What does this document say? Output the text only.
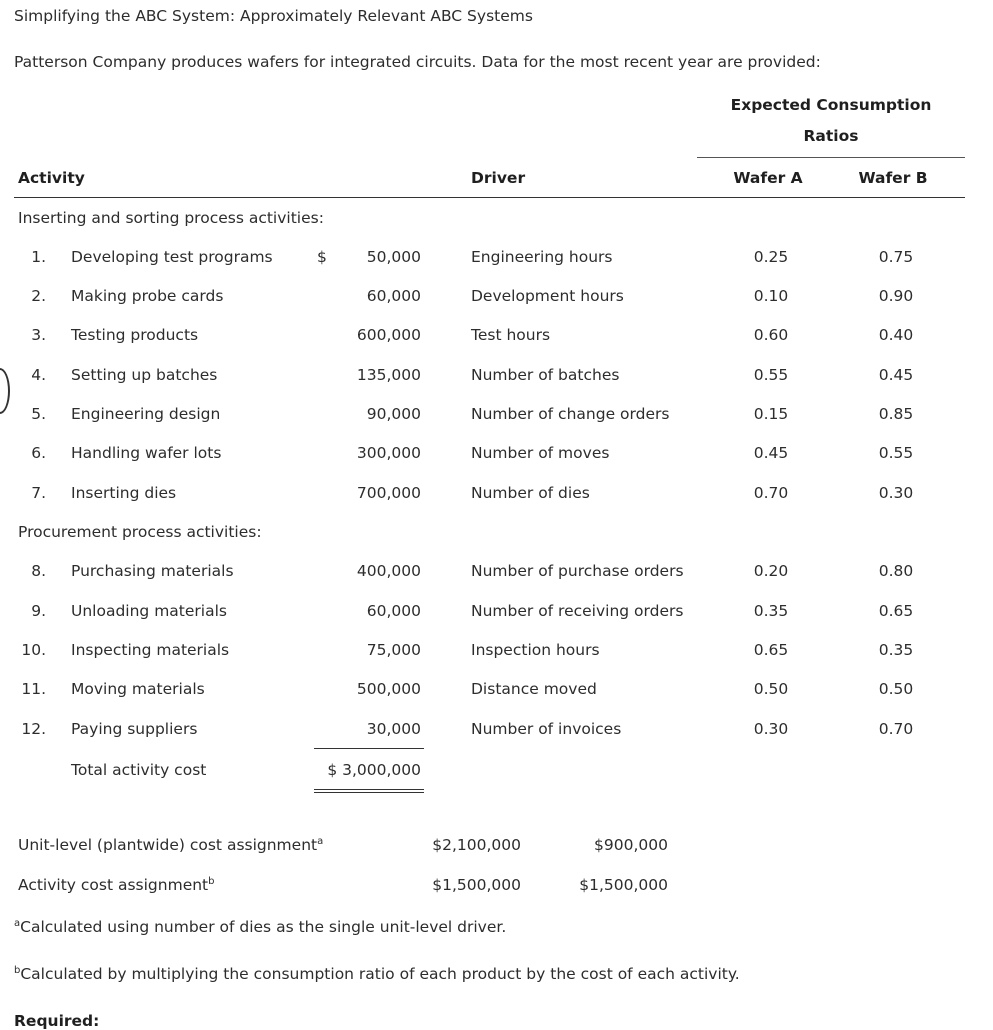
Simplifying the ABC System: Approximately Relevant ABC Systems
Patterson Company produces wafers for integrated circuits. Data for the most recent year are provided:
Expected Consumption
Ratios
Activity	Driver	Wafer A	Wafer B
Inserting and sorting process activities:
Procurement process activities:
$
1. Developing test programs	50,000	Engineering hours	0.25	0.75
2. Making probe cards	60,000	Development hours	0.10	0.90
3. Testing products	600,000	Test hours	0.60	0.40
4. Setting up batches	135,000	Number of batches	0.55	0.45
5. Engineering design	90,000	Number of change orders	0.15	0.85
6. Handling wafer lots	300,000	Number of moves	0.45	0.55
7. Inserting dies	700,000	Number of dies	0.70	0.30
8. Purchasing materials	400,000	Number of purchase orders	0.20	0.80
9. Unloading materials	60,000	Number of receiving orders	0.35	0.65
10. Inspecting materials	75,000	Inspection hours	0.65	0.35
11. Moving materials	500,000	Distance moved	0.50	0.50
12. Paying suppliers	30,000	Number of invoices	0.30	0.70
Total activity cost	$ 3,000,000
Unit-level (plantwide) cost assignment$^a$	$2,100,000	$900,000
Activity cost assignment$^b$	$1,500,000	$1,500,000
$^a$Calculated using number of dies as the single unit-level driver.
$^b$Calculated by multiplying the consumption ratio of each product by the cost of each activity.
Required:
